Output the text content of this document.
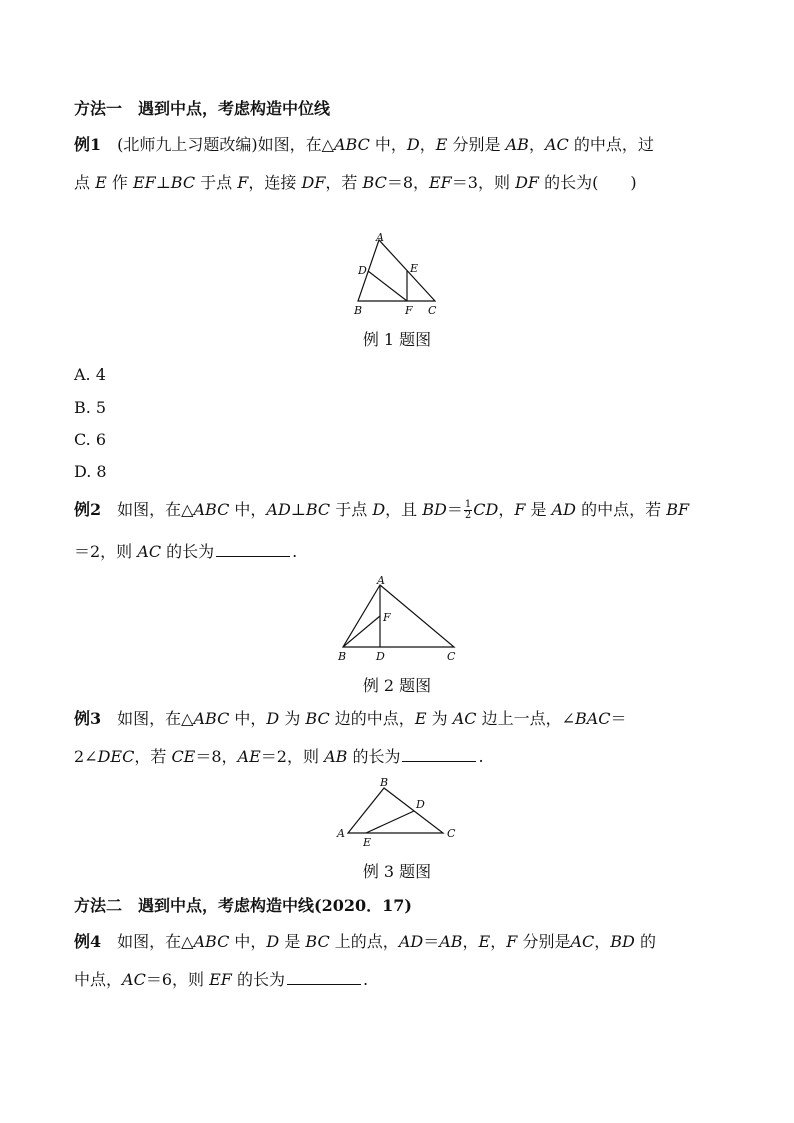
方法一 遇到中点，考虑构造中位线
例1 (北师九上习题改编)如图，在△ABC 中，D，E 分别是 AB，AC 的中点，过
点 E 作 EF⊥BC 于点 F，连接 DF，若 BC＝8，EF＝3，则 DF 的长为(　　)
A
D	E
B	F C
例 1 题图
A. 4
B. 5
C. 6
D. 8
例2 如图，在△ABC 中，AD⊥BC 于点 D，且 $BD= \frac{1}{2}$ CD，F 是 AD 的中点，若 BF
＝2，则 AC 的长为	.
A
F
B	D	C
例 2 题图
例3 如图，在△ABC 中，D 为 BC 边的中点，E 为 AC 边上一点，∠BAC＝
2∠DEC，若 CE＝8，AE＝2，则 AB 的长为	.
B
D
A
E
C
例 3 题图
方法二 遇到中点，考虑构造中线(2020．17)
例4 如图，在△ABC 中，D 是 BC 上的点，AD＝AB，E，F 分别是AC，BD 的
中点，AC＝6，则 EF 的长为	.
